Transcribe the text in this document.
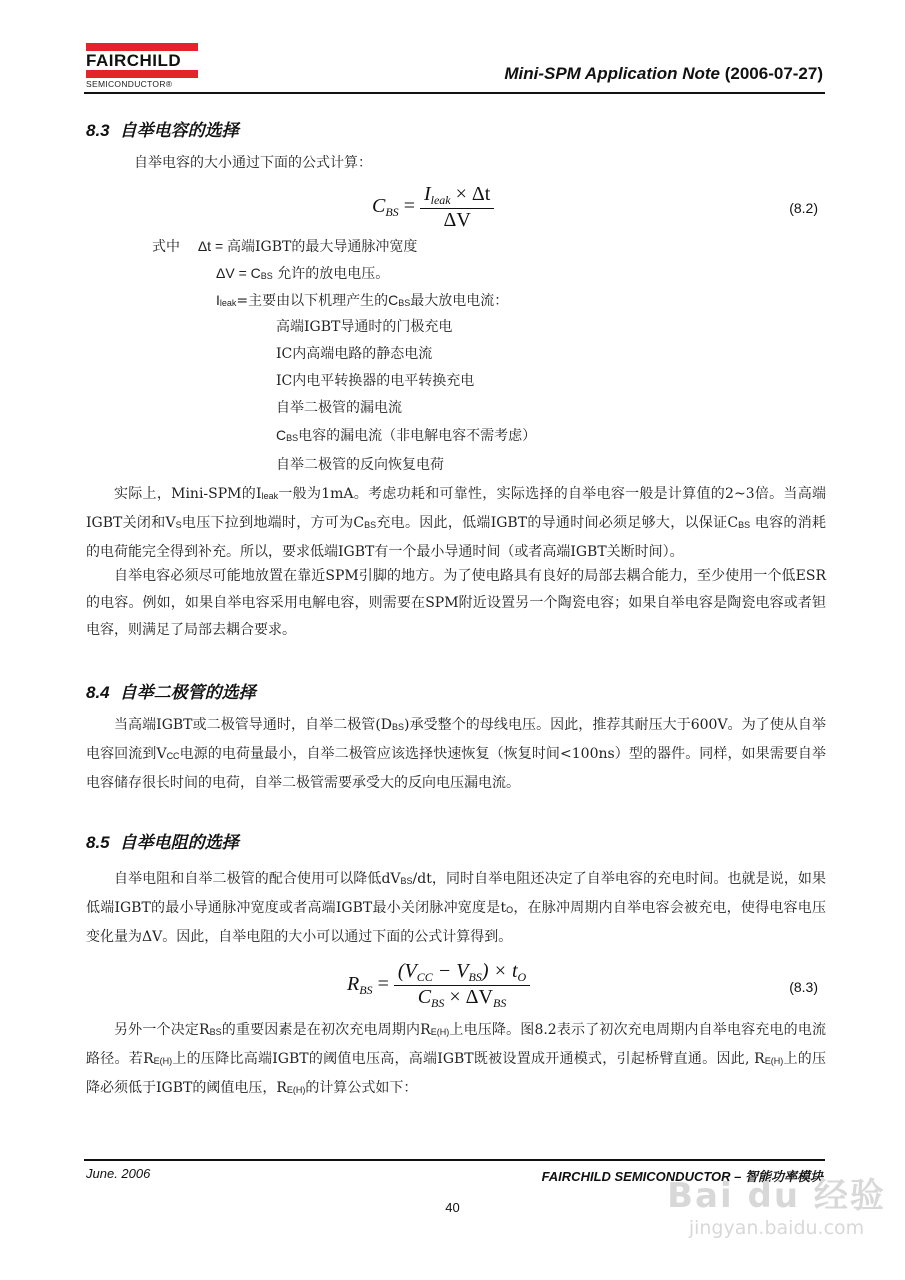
FAIRCHILD
SEMICONDUCTOR®
Mini-SPM Application Note (2006-07-27)
8.3 自举电容的选择
自举电容的大小通过下面的公式计算：
$C_{BS} = \frac{I_{leak} \times \Delta t}{\Delta V}$	(8.2)
式中 Δt = 高端IGBT的最大导通脉冲宽度
$\Delta V = C_{BS}$ 允许的放电电压。
$I_{leak}=$主要由以下机理产生的$C_{BS}$最大放电电流：
高端IGBT导通时的门极充电
IC内高端电路的静态电流
IC内电平转换器的电平转换充电
自举二极管的漏电流
$C_{BS}$电容的漏电流（非电解电容不需考虑）
自举二极管的反向恢复电荷
实际上，Mini-SPM的$I_{leak}$一般为1mA。考虑功耗和可靠性，实际选择的自举电容一般是计算值的2~3倍。当高端IGBT关闭和$V_S$电压下拉到地端时，方可为$C_{BS}$充电。因此，低端IGBT的导通时间必须足够大，以保证$C_{BS}$ 电容的消耗的电荷能完全得到补充。所以，要求低端IGBT有一个最小导通时间（或者高端IGBT关断时间）。
自举电容必须尽可能地放置在靠近SPM引脚的地方。为了使电路具有良好的局部去耦合能力，至少使用一个低ESR的电容。例如，如果自举电容采用电解电容，则需要在SPM附近设置另一个陶瓷电容；如果自举电容是陶瓷电容或者钽电容，则满足了局部去耦合要求。
8.4 自举二极管的选择
当高端IGBT或二极管导通时，自举二极管$(D_{BS})$承受整个的母线电压。因此，推荐其耐压大于600V。为了使从自举电容回流到$V_{CC}$电源的电荷量最小，自举二极管应该选择快速恢复（恢复时间<100ns）型的器件。同样，如果需要自举电容储存很长时间的电荷，自举二极管需要承受大的反向电压漏电流。
8.5 自举电阻的选择
自举电阻和自举二极管的配合使用可以降低$dV_{BS}/dt$，同时自举电阻还决定了自举电容的充电时间。也就是说，如果低端IGBT的最小导通脉冲宽度或者高端IGBT最小关闭脉冲宽度是$t_O$，在脉冲周期内自举电容会被充电，使得电容电压变化量为ΔV。因此，自举电阻的大小可以通过下面的公式计算得到。
$R_{BS} = \frac{(V_{CC} - V_{BS}) \times t_O}{C_{BS} \times \Delta V_{BS}}$	(8.3)
另外一个决定$R_{BS}$的重要因素是在初次充电周期内$R_{E(H)}$上电压降。图8.2表示了初次充电周期内自举电容充电的电流路径。若$R_{E(H)}$上的压降比高端IGBT的阈值电压高，高端IGBT既被设置成开通模式，引起桥臂直通。因此, $R_{E(H)}$上的压降必须低于IGBT的阈值电压，$R_{E(H)}$的计算公式如下：
June. 2006	FAIRCHILD SEMICONDUCTOR – 智能功率模块
40	Bai du 经验
jingyan.baidu.com
